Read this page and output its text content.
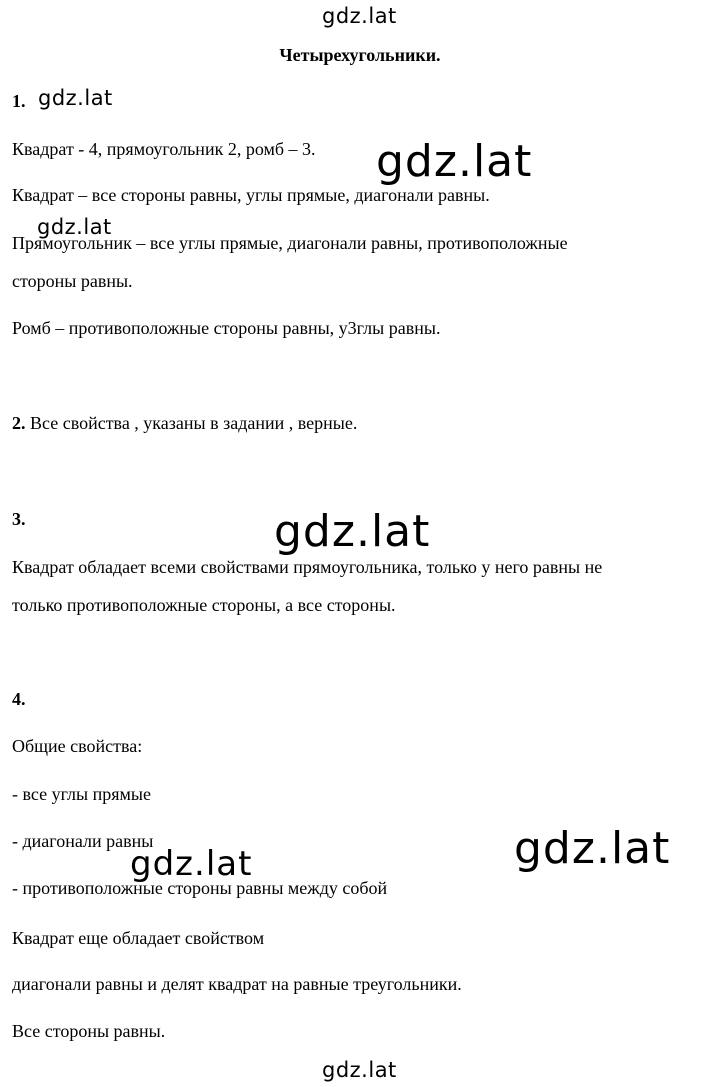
gdz.lat
gdz.lat
gdz.lat
gdz.lat
gdz.lat
gdz.lat
gdz.lat
gdz.lat
Четырехугольники.
1.
Квадрат - 4, прямоугольник 2, ромб – 3.
Квадрат – все стороны равны, углы прямые, диагонали равны.
Прямоугольник – все углы прямые, диагонали равны, противоположные
стороны равны.
Ромб – противоположные стороны равны, у3глы равны.
2. Все свойства , указаны в задании , верные.
3.
Квадрат обладает всеми свойствами прямоугольника, только у него равны не
только противоположные стороны, а все стороны.
4.
Общие свойства:
- все углы прямые
- диагонали равны
- противоположные стороны равны между собой
Квадрат еще обладает свойством
диагонали равны и делят квадрат на равные треугольники.
Все стороны равны.
